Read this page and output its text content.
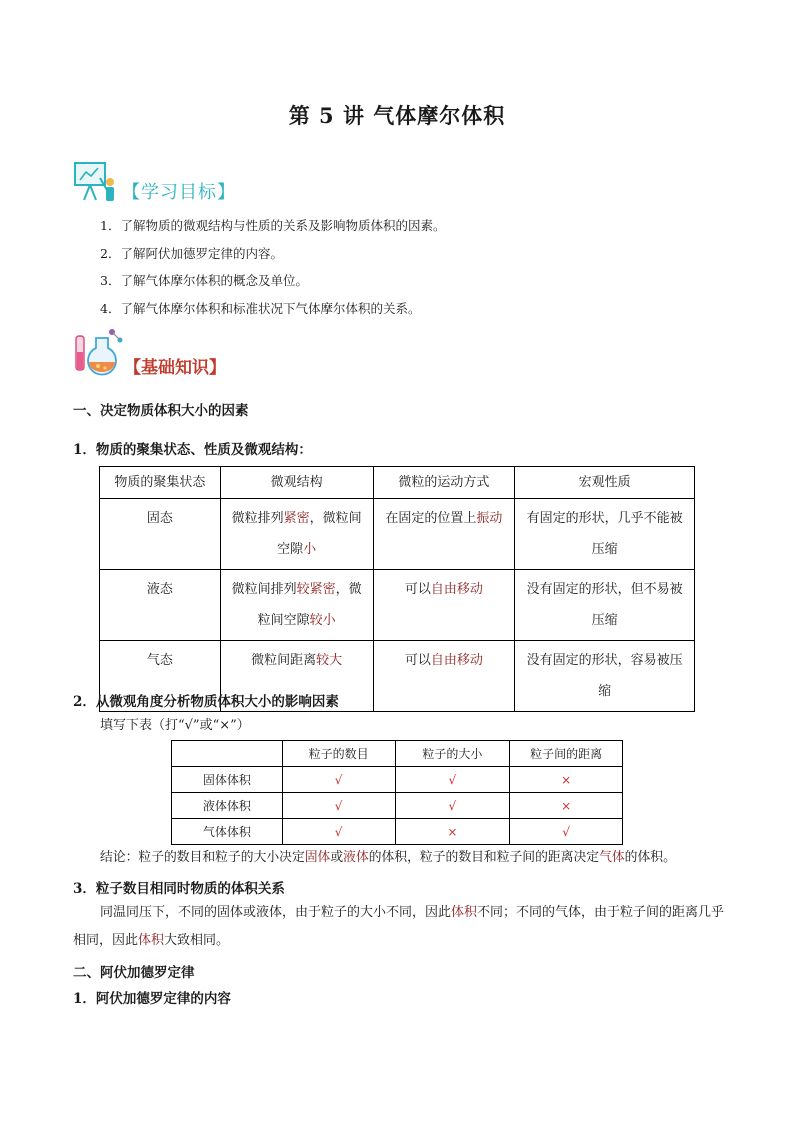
第 5 讲 气体摩尔体积
【学习目标】
1．了解物质的微观结构与性质的关系及影响物质体积的因素。
2．了解阿伏加德罗定律的内容。
3．了解气体摩尔体积的概念及单位。
4．了解气体摩尔体积和标准状况下气体摩尔体积的关系。
【基础知识】
一、决定物质体积大小的因素
1．物质的聚集状态、性质及微观结构：
物质的聚集状态	微观结构	微粒的运动方式	宏观性质
固态	微粒排列紧密，微粒间空隙小	在固定的位置上振动	有固定的形状，几乎不能被压缩
液态	微粒间排列较紧密，微粒间空隙较小	可以自由移动	没有固定的形状，但不易被压缩
气态	微粒间距离较大	可以自由移动	没有固定的形状，容易被压缩
2．从微观角度分析物质体积大小的影响因素
填写下表（打“√”或“×”）
	粒子的数目	粒子的大小	粒子间的距离
固体体积	√	√	×
液体体积	√	√	×
气体体积	√	×	√
结论：粒子的数目和粒子的大小决定固体或液体的体积，粒子的数目和粒子间的距离决定气体的体积。
3．粒子数目相同时物质的体积关系
同温同压下，不同的固体或液体，由于粒子的大小不同，因此体积不同；不同的气体，由于粒子间的距离几乎相同，因此体积大致相同。
二、阿伏加德罗定律
1．阿伏加德罗定律的内容
